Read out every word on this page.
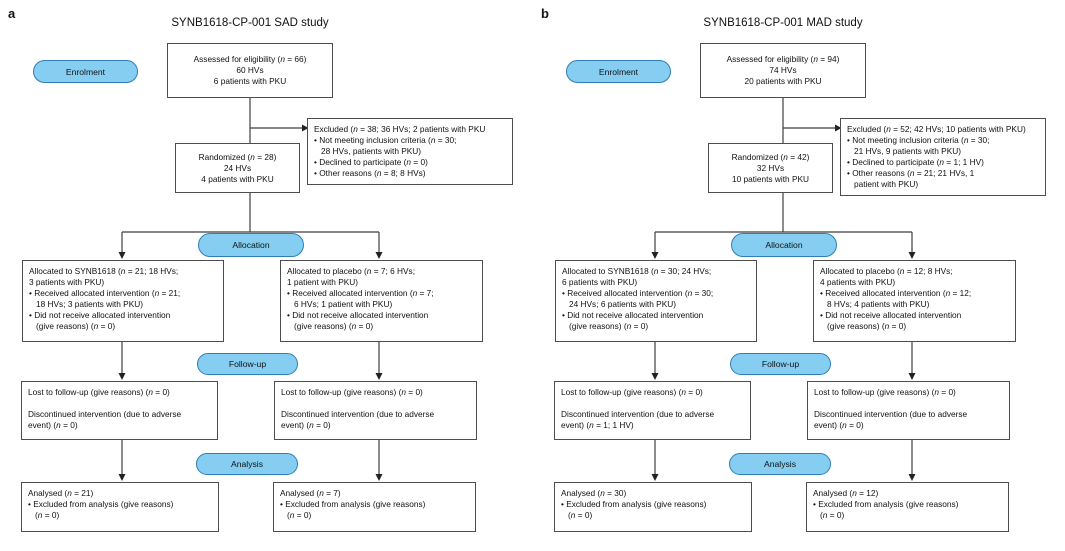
a
SYNB1618-CP-001 SAD study
Enrolment
Allocation
Follow-up
Analysis
Assessed for eligibility (n = 66)
60 HVs
6 patients with PKU
Randomized (n = 28)
24 HVs
4 patients with PKU
Excluded (n = 38; 36 HVs; 2 patients with PKU
• Not meeting inclusion criteria (n = 30;
28 HVs, patients with PKU)
• Declined to participate (n = 0)
• Other reasons (n = 8; 8 HVs)
Allocated to SYNB1618 (n = 21; 18 HVs;
3 patients with PKU)
• Received allocated intervention (n = 21;
18 HVs; 3 patients with PKU)
• Did not receive allocated intervention
(give reasons) (n = 0)
Allocated to placebo (n = 7; 6 HVs;
1 patient with PKU)
• Received allocated intervention (n = 7;
6 HVs; 1 patient with PKU)
• Did not receive allocated intervention
(give reasons) (n = 0)
Lost to follow-up (give reasons) (n = 0)

Discontinued intervention (due to adverse
event) (n = 0)
Lost to follow-up (give reasons) (n = 0)

Discontinued intervention (due to adverse
event) (n = 0)
Analysed (n = 21)
• Excluded from analysis (give reasons)
(n = 0)
Analysed (n = 7)
• Excluded from analysis (give reasons)
(n = 0)
b
SYNB1618-CP-001 MAD study
Enrolment
Allocation
Follow-up
Analysis
Assessed for eligibility (n = 94)
74 HVs
20 patients with PKU
Randomized (n = 42)
32 HVs
10 patients with PKU
Excluded (n = 52; 42 HVs; 10 patients with PKU)
• Not meeting inclusion criteria (n = 30;
21 HVs, 9 patients with PKU)
• Declined to participate (n = 1; 1 HV)
• Other reasons (n = 21; 21 HVs, 1
patient with PKU)
Allocated to SYNB1618 (n = 30; 24 HVs;
6 patients with PKU)
• Received allocated intervention (n = 30;
24 HVs; 6 patients with PKU)
• Did not receive allocated intervention
(give reasons) (n = 0)
Allocated to placebo (n = 12; 8 HVs;
4 patients with PKU)
• Received allocated intervention (n = 12;
8 HVs; 4 patients with PKU)
• Did not receive allocated intervention
(give reasons) (n = 0)
Lost to follow-up (give reasons) (n = 0)

Discontinued intervention (due to adverse
event) (n = 1; 1 HV)
Lost to follow-up (give reasons) (n = 0)

Discontinued intervention (due to adverse
event) (n = 0)
Analysed (n = 30)
• Excluded from analysis (give reasons)
(n = 0)
Analysed (n = 12)
• Excluded from analysis (give reasons)
(n = 0)
